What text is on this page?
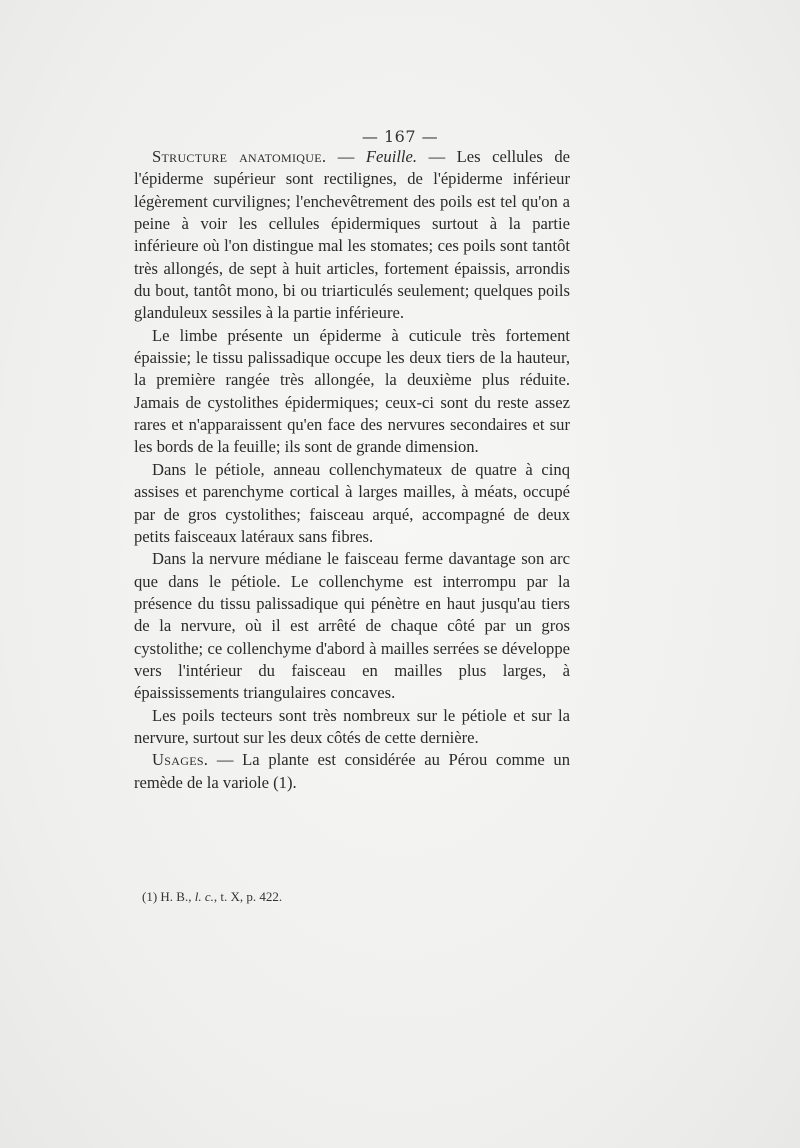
— 167 —

Structure anatomique. — Feuille. — Les cellules de l'épiderme supérieur sont rectilignes, de l'épiderme inférieur légèrement curvilignes; l'enchevêtrement des poils est tel qu'on a peine à voir les cellules épidermiques surtout à la partie inférieure où l'on distingue mal les stomates; ces poils sont tantôt très allongés, de sept à huit articles, fortement épaissis, arrondis du bout, tantôt mono, bi ou triarticulés seulement; quelques poils glanduleux sessiles à la partie inférieure.

Le limbe présente un épiderme à cuticule très fortement épaissie; le tissu palissadique occupe les deux tiers de la hauteur, la première rangée très allongée, la deuxième plus réduite. Jamais de cystolithes épidermiques; ceux-ci sont du reste assez rares et n'apparaissent qu'en face des nervures secondaires et sur les bords de la feuille; ils sont de grande dimension.

Dans le pétiole, anneau collenchymateux de quatre à cinq assises et parenchyme cortical à larges mailles, à méats, occupé par de gros cystolithes; faisceau arqué, accompagné de deux petits faisceaux latéraux sans fibres.

Dans la nervure médiane le faisceau ferme davantage son arc que dans le pétiole. Le collenchyme est interrompu par la présence du tissu palissadique qui pénètre en haut jusqu'au tiers de la nervure, où il est arrêté de chaque côté par un gros cystolithe; ce collenchyme d'abord à mailles serrées se développe vers l'intérieur du faisceau en mailles plus larges, à épaississements triangulaires concaves.

Les poils tecteurs sont très nombreux sur le pétiole et sur la nervure, surtout sur les deux côtés de cette dernière.

Usages. — La plante est considérée au Pérou comme un remède de la variole (1).

(1) H. B., l. c., t. X, p. 422.
